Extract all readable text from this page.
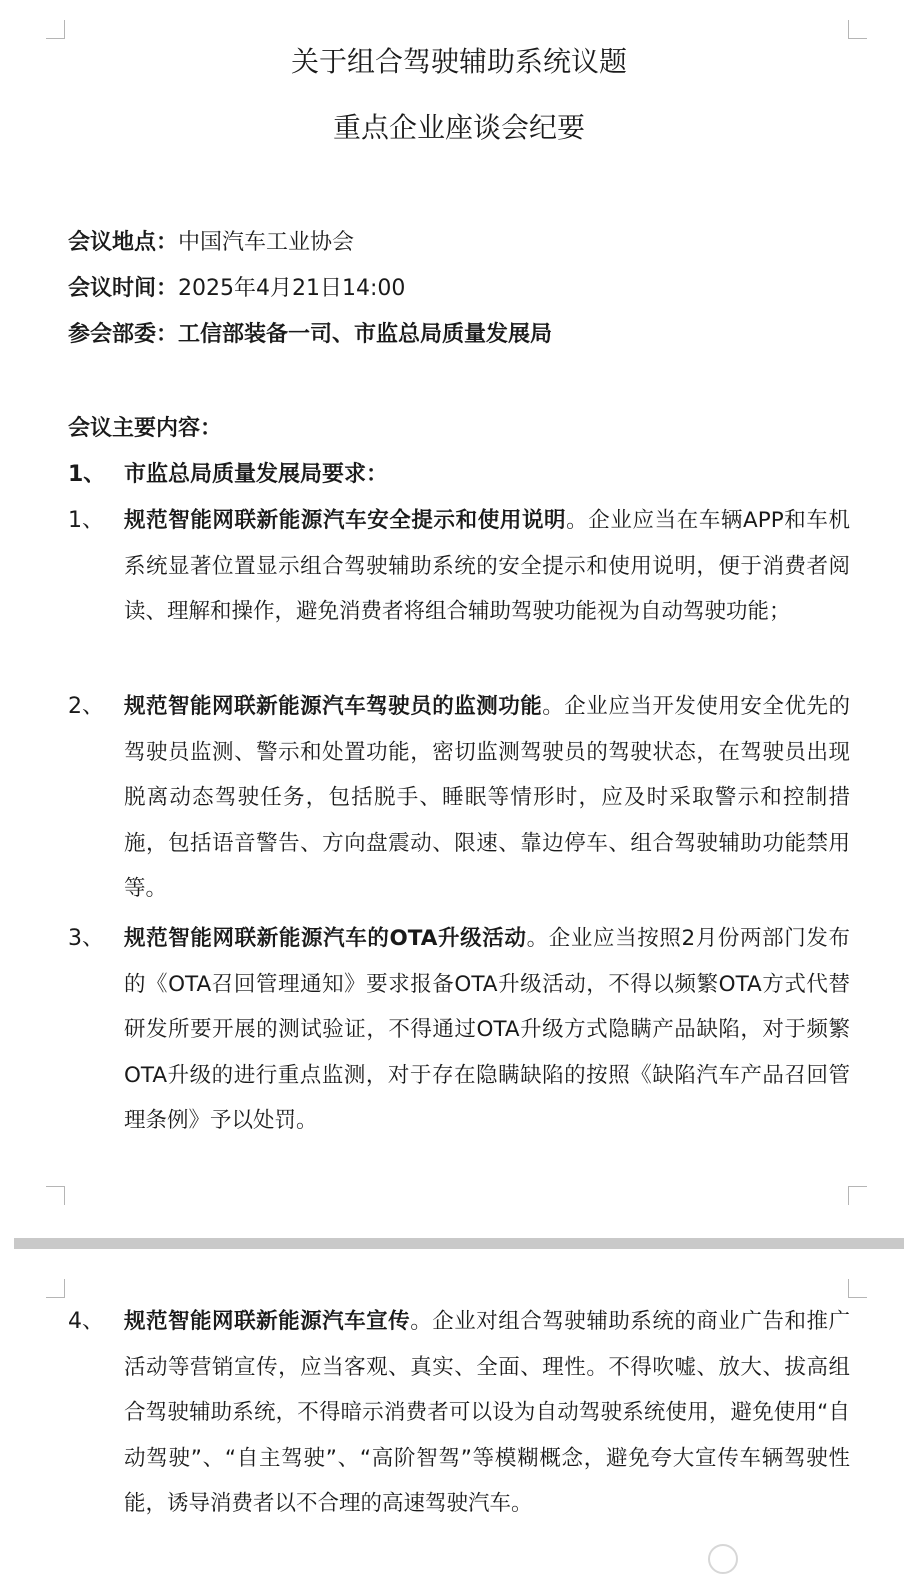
关于组合驾驶辅助系统议题
重点企业座谈会纪要
会议地点：中国汽车工业协会
会议时间：2025年4月21日14:00
参会部委：工信部装备一司、市监总局质量发展局
会议主要内容：
1、 市监总局质量发展局要求：
1、 规范智能网联新能源汽车安全提示和使用说明。企业应当在车辆APP和车机系统显著位置显示组合驾驶辅助系统的安全提示和使用说明，便于消费者阅读、理解和操作，避免消费者将组合辅助驾驶功能视为自动驾驶功能；
2、 规范智能网联新能源汽车驾驶员的监测功能。企业应当开发使用安全优先的驾驶员监测、警示和处置功能，密切监测驾驶员的驾驶状态，在驾驶员出现脱离动态驾驶任务，包括脱手、睡眠等情形时，应及时采取警示和控制措施，包括语音警告、方向盘震动、限速、靠边停车、组合驾驶辅助功能禁用等。
3、 规范智能网联新能源汽车的OTA升级活动。企业应当按照2月份两部门发布的《OTA召回管理通知》要求报备OTA升级活动，不得以频繁OTA方式代替研发所要开展的测试验证，不得通过OTA升级方式隐瞒产品缺陷，对于频繁OTA升级的进行重点监测，对于存在隐瞒缺陷的按照《缺陷汽车产品召回管理条例》予以处罚。
4、 规范智能网联新能源汽车宣传。企业对组合驾驶辅助系统的商业广告和推广活动等营销宣传，应当客观、真实、全面、理性。不得吹嘘、放大、拔高组合驾驶辅助系统，不得暗示消费者可以设为自动驾驶系统使用，避免使用“自动驾驶”、“自主驾驶”、“高阶智驾”等模糊概念，避免夸大宣传车辆驾驶性能，诱导消费者以不合理的高速驾驶汽车。
